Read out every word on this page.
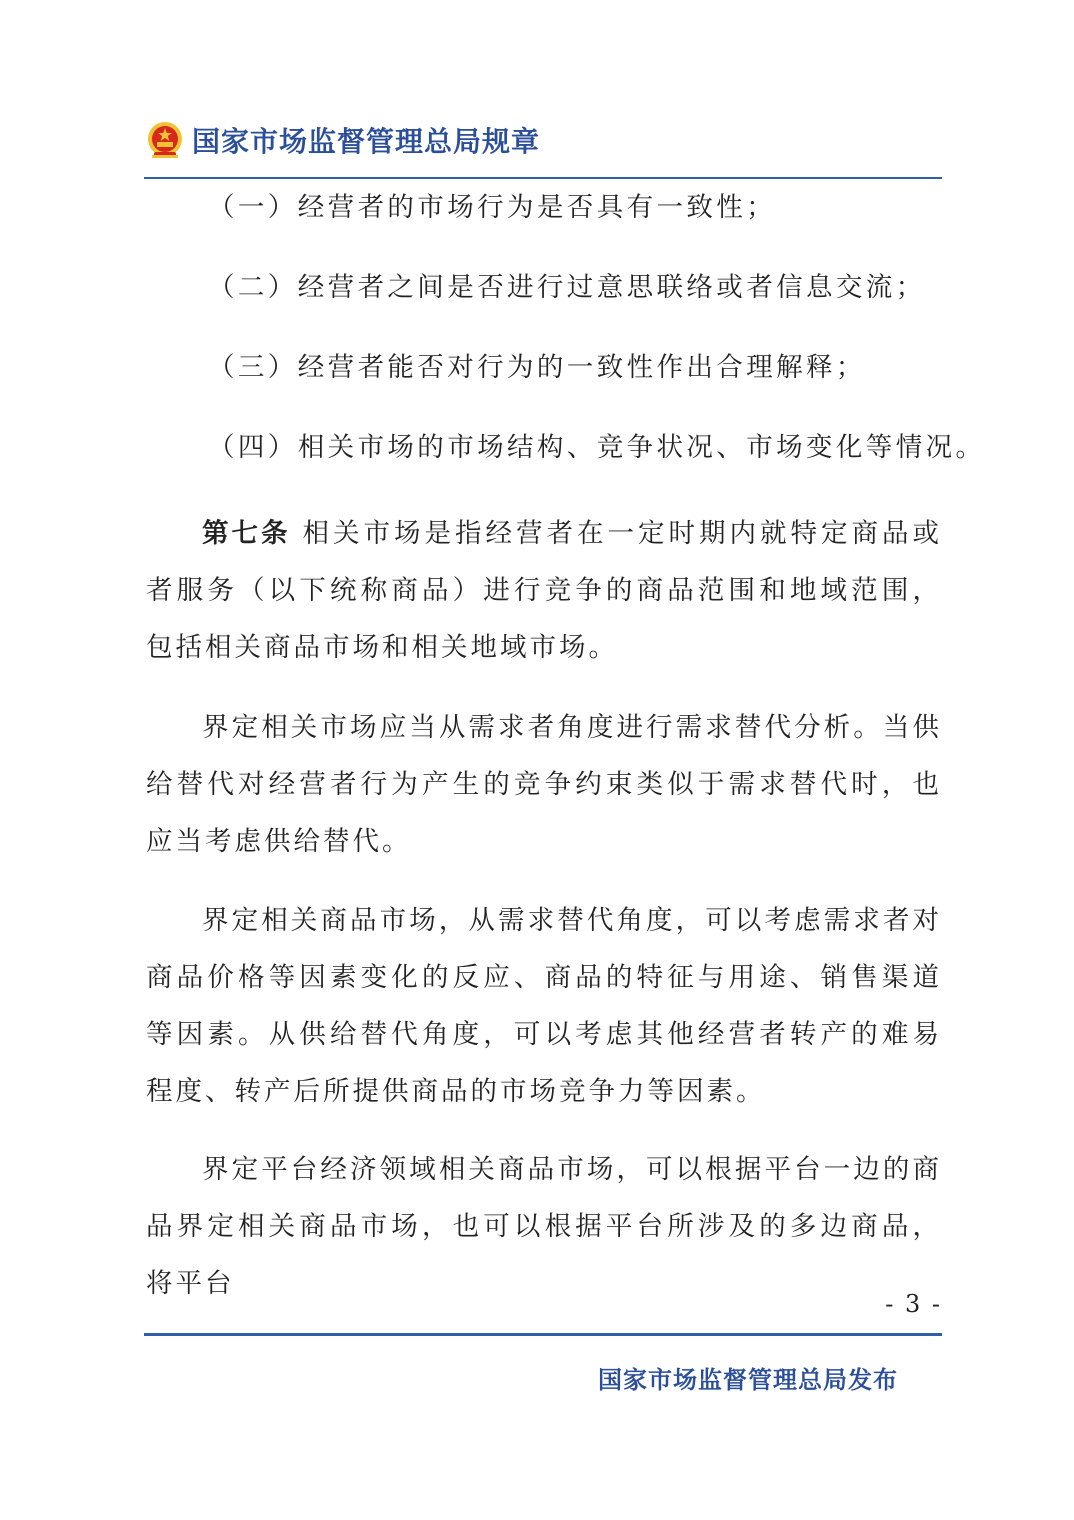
国家市场监督管理总局规章
（一）经营者的市场行为是否具有一致性；
（二）经营者之间是否进行过意思联络或者信息交流；
（三）经营者能否对行为的一致性作出合理解释；
（四）相关市场的市场结构、竞争状况、市场变化等情况。

第七条 相关市场是指经营者在一定时期内就特定商品或者服务（以下统称商品）进行竞争的商品范围和地域范围，包括相关商品市场和相关地域市场。

界定相关市场应当从需求者角度进行需求替代分析。当供给替代对经营者行为产生的竞争约束类似于需求替代时，也应当考虑供给替代。

界定相关商品市场，从需求替代角度，可以考虑需求者对商品价格等因素变化的反应、商品的特征与用途、销售渠道等因素。从供给替代角度，可以考虑其他经营者转产的难易程度、转产后所提供商品的市场竞争力等因素。

界定平台经济领域相关商品市场，可以根据平台一边的商品界定相关商品市场，也可以根据平台所涉及的多边商品，将平台

- 3 -
国家市场监督管理总局发布
